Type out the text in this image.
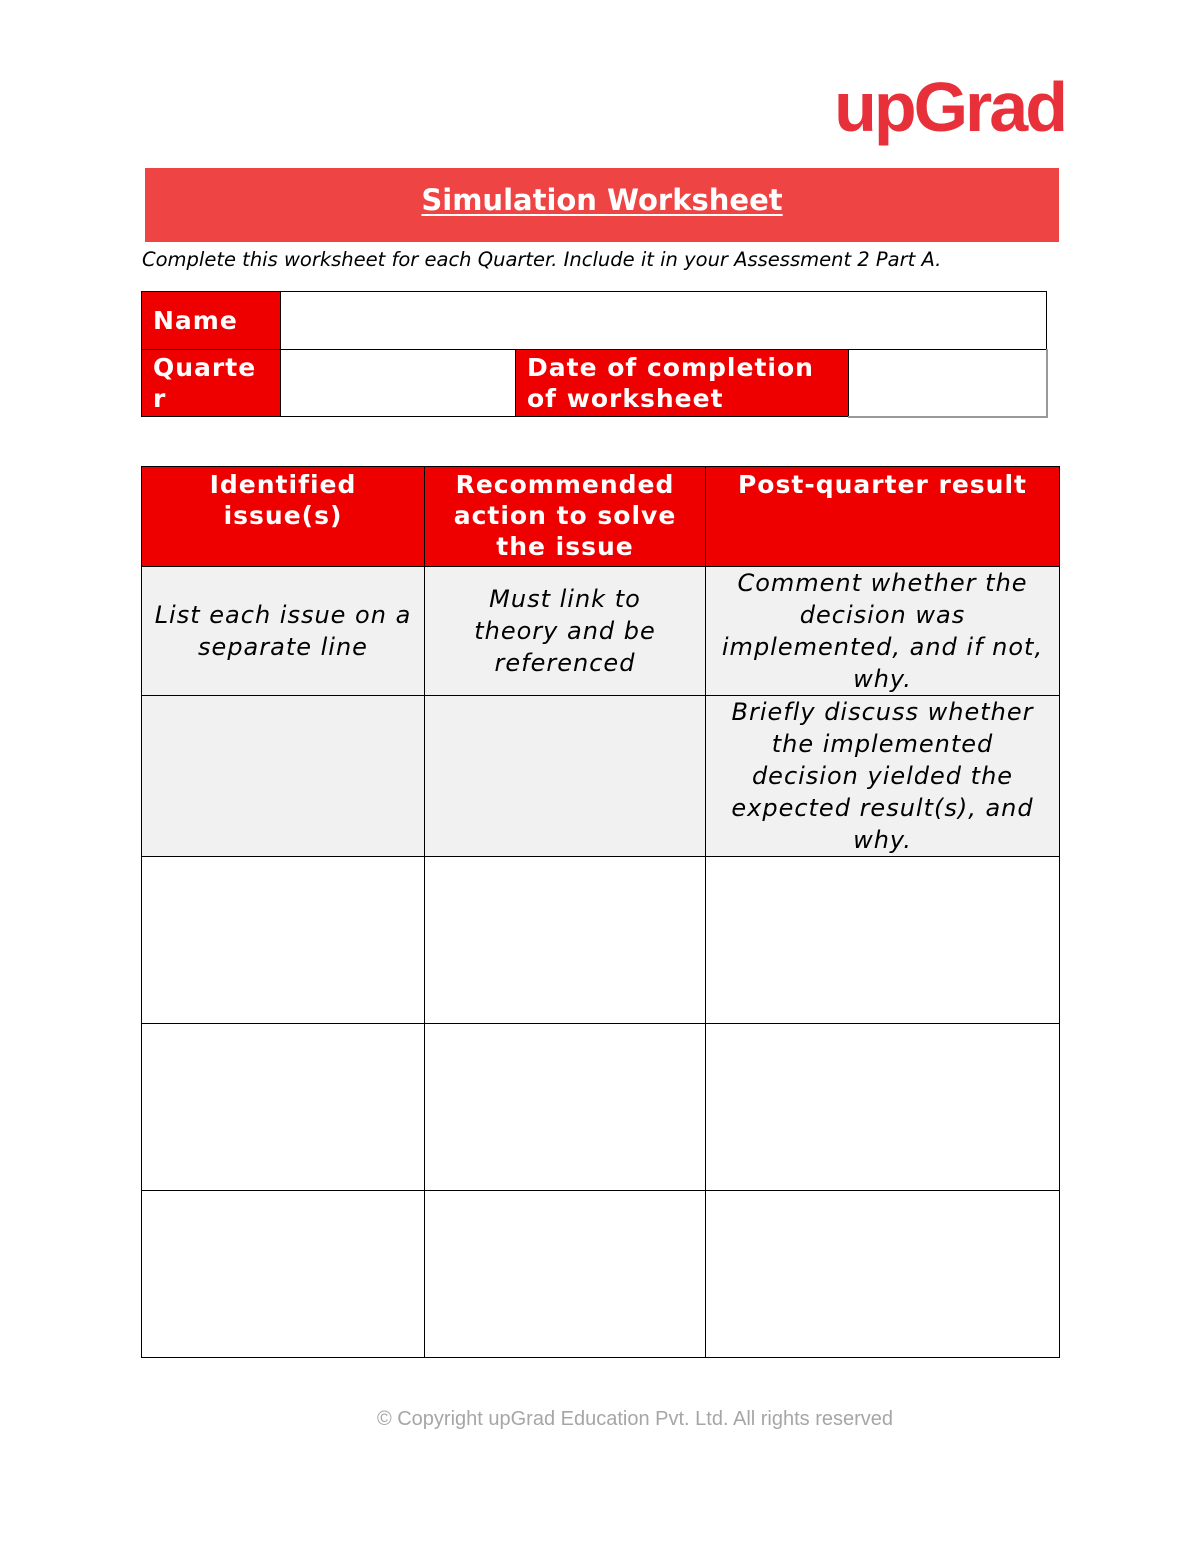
upGrad
Simulation Worksheet
Complete this worksheet for each Quarter. Include it in your Assessment 2 Part A.
Name			
Quarte
r		Date of completion of worksheet	
Identified issue(s)	Recommended action to solve the issue	Post-quarter result
List each issue on a separate line	Must link to theory and be referenced	Comment whether the decision was implemented, and if not, why.
		Briefly discuss whether the implemented decision yielded the expected result(s), and why.

© Copyright upGrad Education Pvt. Ltd. All rights reserved
